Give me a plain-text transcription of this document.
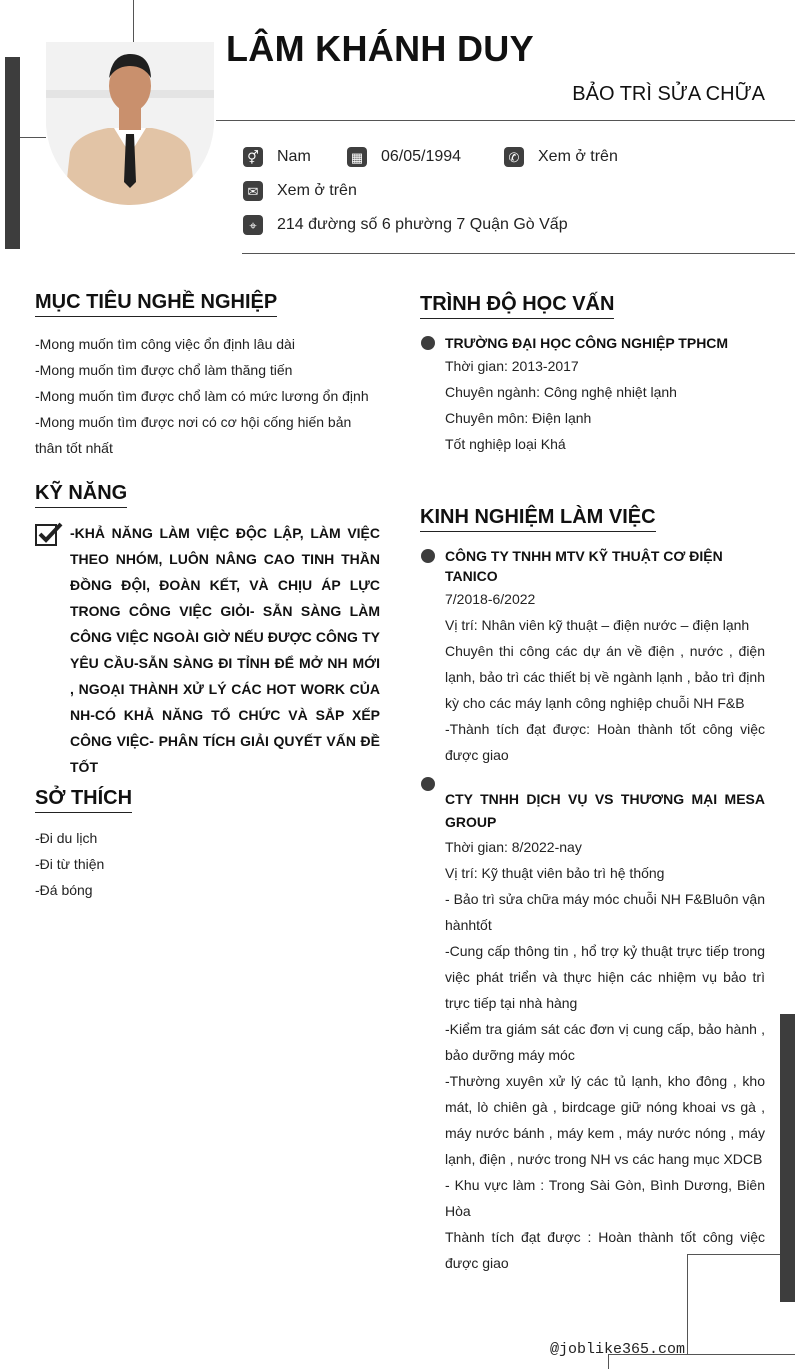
LÂM KHÁNH DUY
BẢO TRÌ SỬA CHỮA
⚥ Nam	▦ 06/05/1994	✆ Xem ở trên
✉ Xem ở trên
⌖	214 đường số 6 phường 7 Quận Gò Vấp
MỤC TIÊU NGHỀ NGHIỆP
-Mong muốn tìm công việc ổn định lâu dài
-Mong muốn tìm được chổ làm thăng tiến
-Mong muốn tìm được chổ làm có mức lương ổn định
-Mong muốn tìm được nơi có cơ hội cống hiến bản thân tốt nhất
KỸ NĂNG
-KHẢ NĂNG LÀM VIỆC ĐỘC LẬP, LÀM VIỆC THEO NHÓM, LUÔN NÂNG CAO TINH THẦN ĐỒNG ĐỘI, ĐOÀN KẾT, VÀ CHỊU ÁP LỰC TRONG CÔNG VIỆC GIỎI- SẴN SÀNG LÀM CÔNG VIỆC NGOÀI GIỜ NẾU ĐƯỢC CÔNG TY YÊU CẦU-SẴN SÀNG ĐI TỈNH ĐỂ MỞ NH MỚI , NGOẠI THÀNH XỬ LÝ CÁC HOT WORK CỦA NH-CÓ KHẢ NĂNG TỔ CHỨC VÀ SẮP XẾP CÔNG VIỆC- PHÂN TÍCH GIẢI QUYẾT VẤN ĐỀ TỐT
SỞ THÍCH
-Đi du lịch
-Đi từ thiện
-Đá bóng
TRÌNH ĐỘ HỌC VẤN
TRƯỜNG ĐẠI HỌC CÔNG NGHIỆP TPHCM
Thời gian: 2013-2017
Chuyên ngành: Công nghệ nhiệt lạnh
Chuyên môn: Điện lạnh
Tốt nghiệp loại Khá
KINH NGHIỆM LÀM VIỆC
CÔNG TY TNHH MTV KỸ THUẬT CƠ ĐIỆN TANICO
7/2018-6/2022
Vị trí: Nhân viên kỹ thuật – điện nước – điện lạnh
Chuyên thi công các dự án về điện , nước , điện lạnh, bảo trì các thiết bị về ngành lạnh , bảo trì định kỳ cho các máy lạnh công nghiệp chuỗi NH F&B
-Thành tích đạt được: Hoàn thành tốt công việc được giao
CTY TNHH DỊCH VỤ VS THƯƠNG MẠI MESA GROUP
Thời gian: 8/2022-nay
Vị trí: Kỹ thuật viên bảo trì hệ thống
- Bảo trì sửa chữa máy móc chuỗi NH F&Bluôn vận hànhtốt
-Cung cấp thông tin , hổ trợ kỷ thuật trực tiếp trong việc phát triển và thực hiện các nhiệm vụ bảo trì trực tiếp tại nhà hàng
-Kiểm tra giám sát các đơn vị cung cấp, bảo hành , bảo dưỡng máy móc
-Thường xuyên xử lý các tủ lạnh, kho đông , kho mát, lò chiên gà , birdcage giữ nóng khoai vs gà , máy nước bánh , máy kem , máy nước nóng , máy lạnh, điện , nước trong NH vs các hang mục XDCB
- Khu vực làm : Trong Sài Gòn, Bình Dương, Biên Hòa
Thành tích đạt được : Hoàn thành tốt công việc được giao
@joblike365.com
